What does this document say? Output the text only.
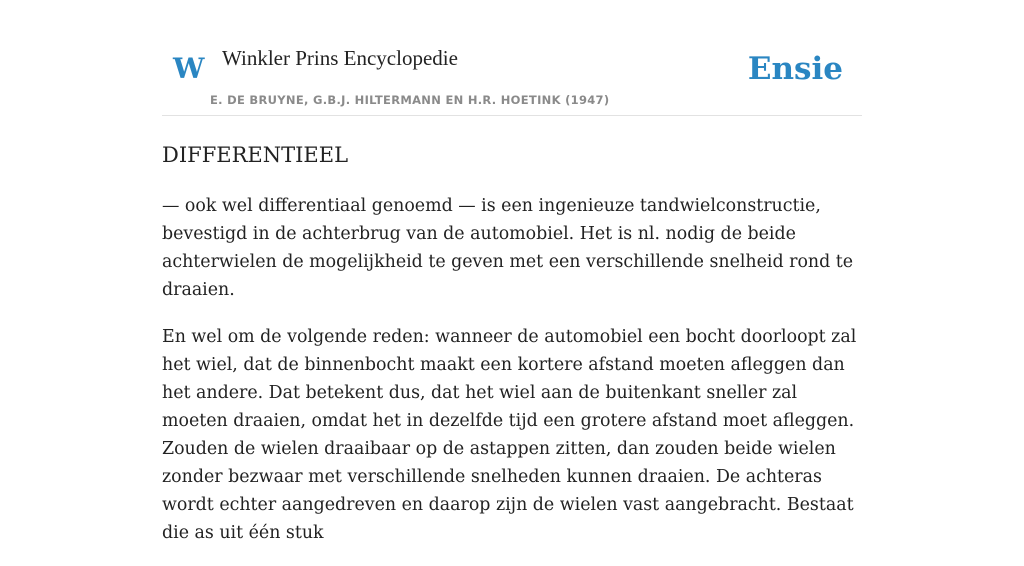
W Winkler Prins Encyclopedie
E. DE BRUYNE, G.B.J. HILTERMANN EN H.R. HOETINK (1947)
Ensie
DIFFERENTIEEL

— ook wel differentiaal genoemd — is een ingenieuze tandwielconstructie, bevestigd in de achterbrug van de automobiel. Het is nl. nodig de beide achterwielen de mogelijkheid te geven met een verschillende snelheid rond te draaien.

En wel om de volgende reden: wanneer de automobiel een bocht doorloopt zal het wiel, dat de binnenbocht maakt een kortere afstand moeten afleggen dan het andere. Dat betekent dus, dat het wiel aan de buitenkant sneller zal moeten draaien, omdat het in dezelfde tijd een grotere afstand moet afleggen. Zouden de wielen draaibaar op de astappen zitten, dan zouden beide wielen zonder bezwaar met verschillende snelheden kunnen draaien. De achteras wordt echter aangedreven en daarop zijn de wielen vast aangebracht. Bestaat die as uit één stuk
